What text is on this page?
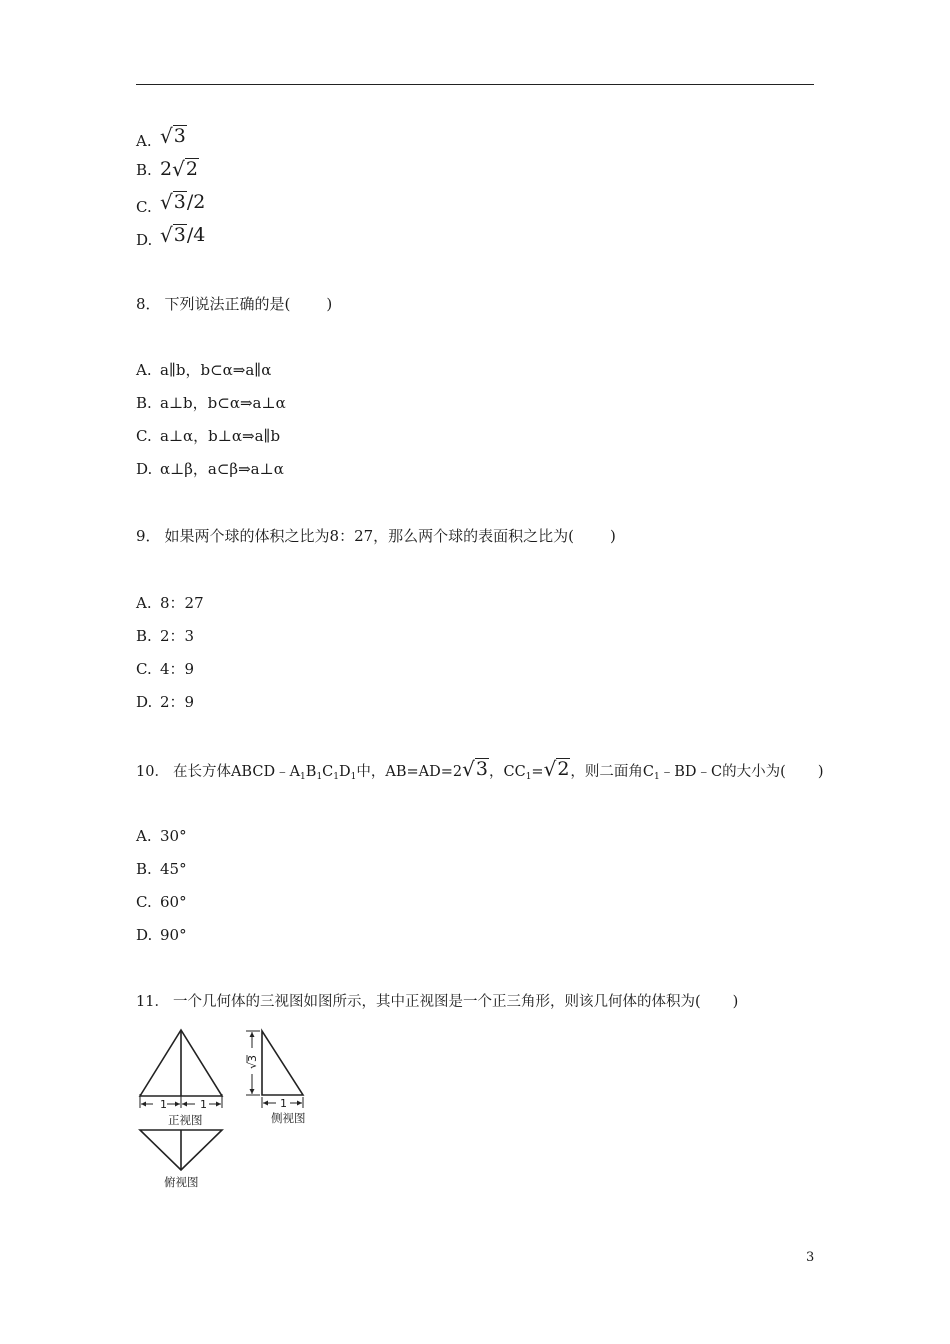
A. √ 3
B. 2 √ 2
C. √ 3 /2
D. √ 3 /4
8． 下列说法正确的是( )
A. a∥b，b⊂α⇒a∥α
B. a⊥b，b⊂α⇒a⊥α
C. a⊥α，b⊥α⇒a∥b
D. α⊥β，a⊂β⇒a⊥α
9． 如果两个球的体积之比为8：27，那么两个球的表面积之比为( )
A. 8：27
B. 2：3
C. 4：9
D. 2：9
10． 在长方体$ABCD﹣A_1B_1C_1D_1$中，AB=AD=2 √ 3 ，$CC_1=$ √ 2 ，则二面角$C_1﹣BD﹣C$的大小为( )
A. 30°
B. 45°
C. 60°
D. 90°
11． 一个几何体的三视图如图所示，其中正视图是一个正三角形，则该几何体的体积为( )
1	1
正视图
√
3
1
侧视图
俯视图
3
